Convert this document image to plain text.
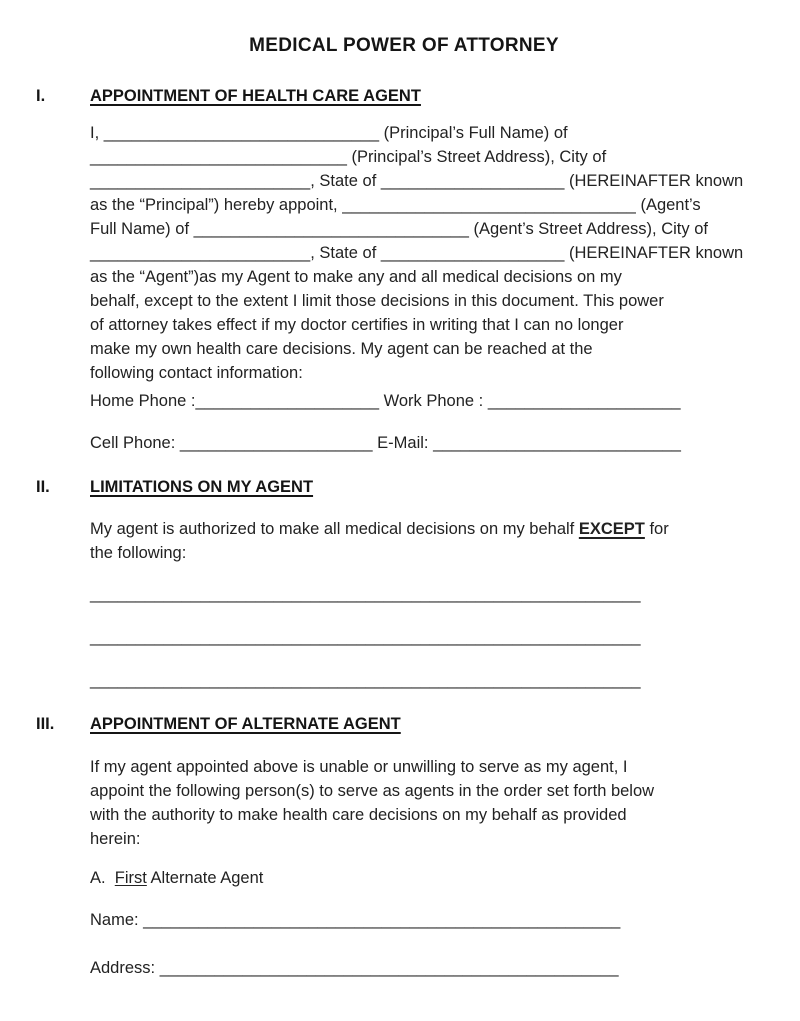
MEDICAL POWER OF ATTORNEY
I.	APPOINTMENT OF HEALTH CARE AGENT
I, ______________________________ (Principal’s Full Name) of
____________________________ (Principal’s Street Address), City of
________________________, State of ____________________ (HEREINAFTER known
as the “Principal”) hereby appoint, ________________________________ (Agent’s
Full Name) of ______________________________ (Agent’s Street Address), City of
________________________, State of ____________________ (HEREINAFTER known
as the “Agent”)as my Agent to make any and all medical decisions on my
behalf, except to the extent I limit those decisions in this document. This power
of attorney takes effect if my doctor certifies in writing that I can no longer
make my own health care decisions. My agent can be reached at the
following contact information:
Home Phone :____________________ Work Phone : _____________________
Cell Phone: _____________________ E-Mail: ___________________________
II.	LIMITATIONS ON MY AGENT
My agent is authorized to make all medical decisions on my behalf EXCEPT for
the following:
____________________________________________________________
____________________________________________________________
____________________________________________________________
III.	APPOINTMENT OF ALTERNATE AGENT
If my agent appointed above is unable or unwilling to serve as my agent, I
appoint the following person(s) to serve as agents in the order set forth below
with the authority to make health care decisions on my behalf as provided
herein:
A.  First Alternate Agent
Name: ____________________________________________________
Address: __________________________________________________
